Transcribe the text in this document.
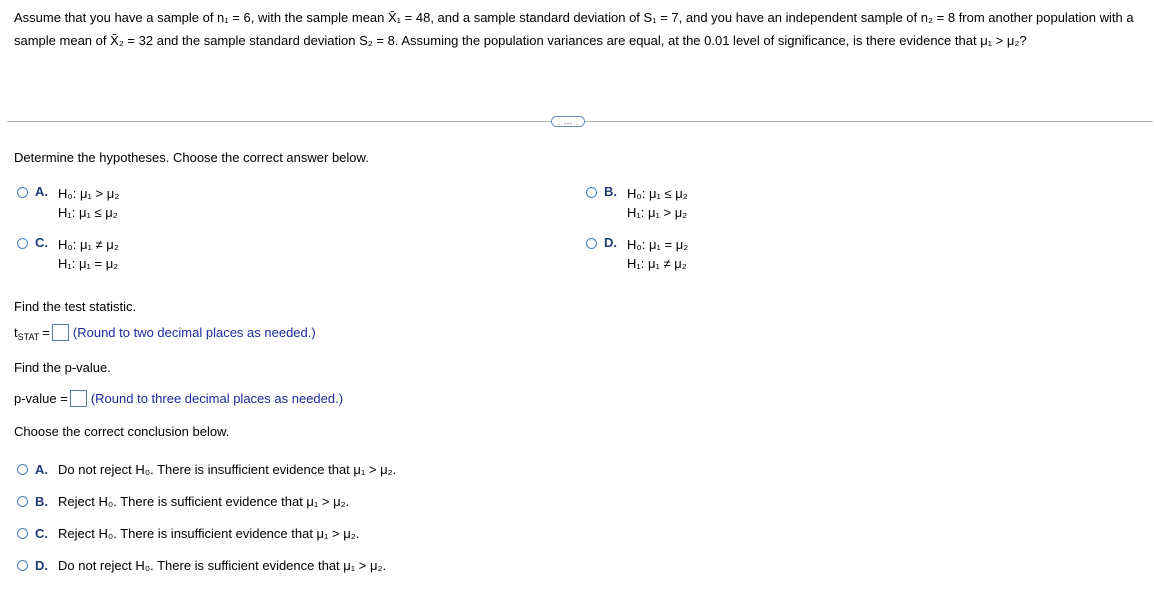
Assume that you have a sample of n₁ = 6, with the sample mean X̄₁ = 48, and a sample standard deviation of S₁ = 7, and you have an independent sample of n₂ = 8 from another population with a

sample mean of X̄₂ = 32 and the sample standard deviation S₂ = 8. Assuming the population variances are equal, at the 0.01 level of significance, is there evidence that μ₁ > μ₂?

…
Determine the hypotheses. Choose the correct answer below.
A. H₀: μ₁ > μ₂
H₁: μ₁ ≤ μ₂
B. H₀: μ₁ ≤ μ₂
H₁: μ₁ > μ₂
C. H₀: μ₁ ≠ μ₂
H₁: μ₁ = μ₂
D. H₀: μ₁ = μ₂
H₁: μ₁ ≠ μ₂
Find the test statistic.
$t_{STAT}$ = (Round to two decimal places as needed.)
Find the p-value.
p-value = (Round to three decimal places as needed.)
Choose the correct conclusion below.
A. Do not reject H₀. There is insufficient evidence that μ₁ > μ₂.
B. Reject H₀. There is sufficient evidence that μ₁ > μ₂.
C. Reject H₀. There is insufficient evidence that μ₁ > μ₂.
D. Do not reject H₀. There is sufficient evidence that μ₁ > μ₂.
